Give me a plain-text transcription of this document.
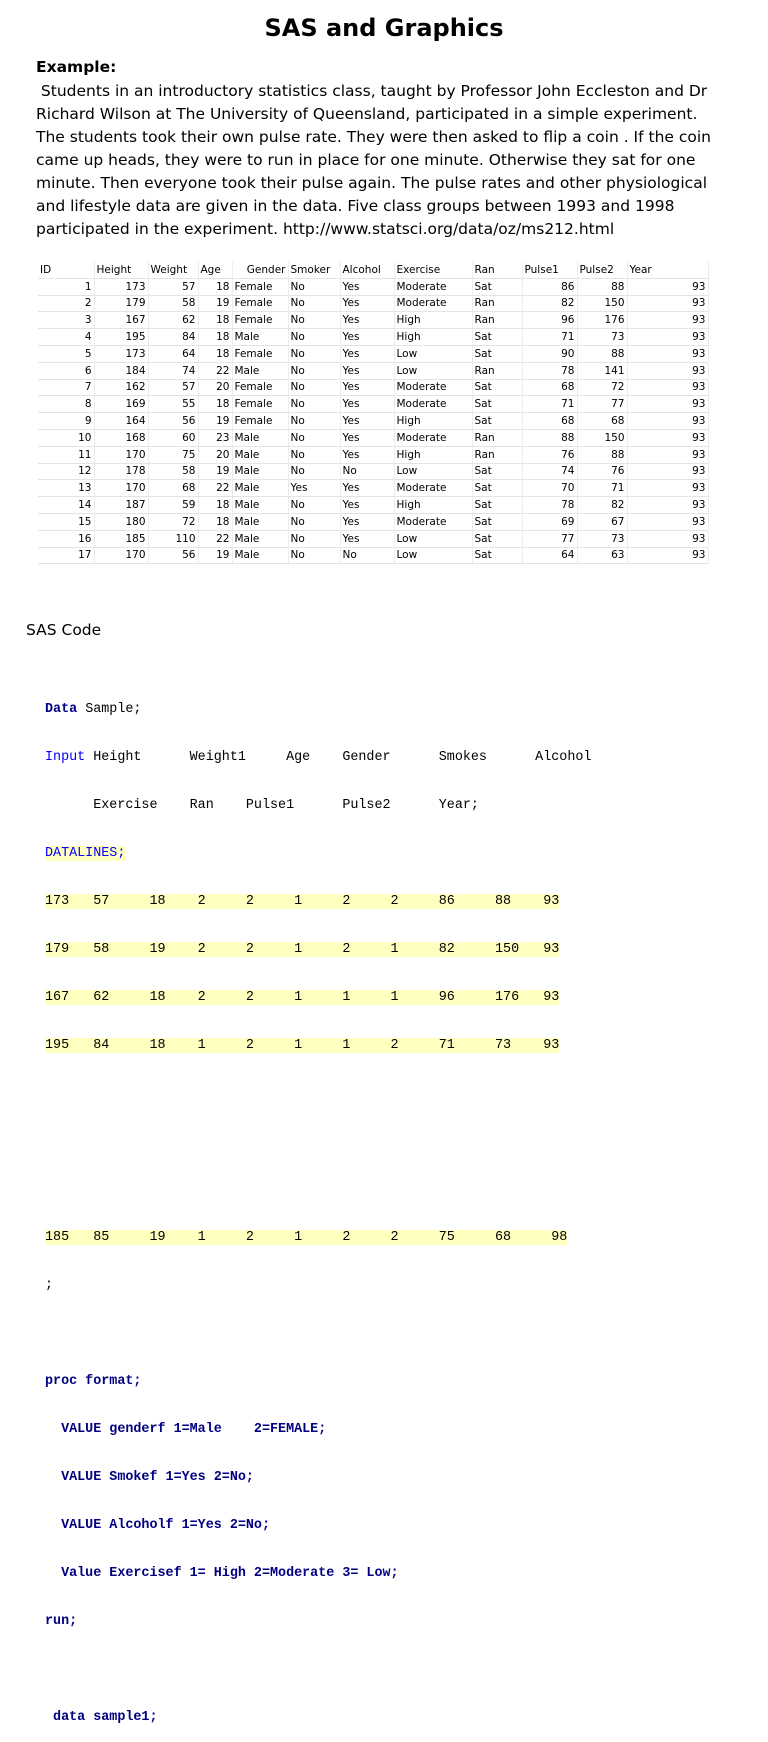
SAS and Graphics
Example:
Students in an introductory statistics class, taught by Professor John Eccleston and Dr
Richard Wilson at The University of Queensland, participated in a simple experiment.
The students took their own pulse rate. They were then asked to flip a coin . If the coin
came up heads, they were to run in place for one minute. Otherwise they sat for one
minute. Then everyone took their pulse again. The pulse rates and other physiological
and lifestyle data are given in the data. Five class groups between 1993 and 1998
participated in the experiment. http://www.statsci.org/data/oz/ms212.html
ID	Height	Weight	Age	Gender	Smoker	Alcohol	Exercise	Ran	Pulse1	Pulse2	Year
1	173	57	18	Female	No	Yes	Moderate	Sat	86	88	93
2	179	58	19	Female	No	Yes	Moderate	Ran	82	150	93
3	167	62	18	Female	No	Yes	High	Ran	96	176	93
4	195	84	18	Male	No	Yes	High	Sat	71	73	93
5	173	64	18	Female	No	Yes	Low	Sat	90	88	93
6	184	74	22	Male	No	Yes	Low	Ran	78	141	93
7	162	57	20	Female	No	Yes	Moderate	Sat	68	72	93
8	169	55	18	Female	No	Yes	Moderate	Sat	71	77	93
9	164	56	19	Female	No	Yes	High	Sat	68	68	93
10	168	60	23	Male	No	Yes	Moderate	Ran	88	150	93
11	170	75	20	Male	No	Yes	High	Ran	76	88	93
12	178	58	19	Male	No	No	Low	Sat	74	76	93
13	170	68	22	Male	Yes	Yes	Moderate	Sat	70	71	93
14	187	59	18	Male	No	Yes	High	Sat	78	82	93
15	180	72	18	Male	No	Yes	Moderate	Sat	69	67	93
16	185	110	22	Male	No	Yes	Low	Sat	77	73	93
17	170	56	19	Male	No	No	Low	Sat	64	63	93
SAS Code

Data Sample;

Input Height      Weight1     Age    Gender      Smokes      Alcohol

Exercise    Ran    Pulse1      Pulse2      Year;

DATALINES;

173   57     18    2     2     1     2     2     86     88    93

179   58     19    2     2     1     2     1     82     150   93

167   62     18    2     2     1     1     1     96     176   93

195   84     18    1     2     1     1     2     71     73    93

185   85     19    1     2     1     2     2     75     68     98

;

proc format;

VALUE genderf 1=Male    2=FEMALE;

VALUE Smokef 1=Yes 2=No;

VALUE Alcoholf 1=Yes 2=No;

Value Exercisef 1= High 2=Moderate 3= Low;

run;

data sample1;
